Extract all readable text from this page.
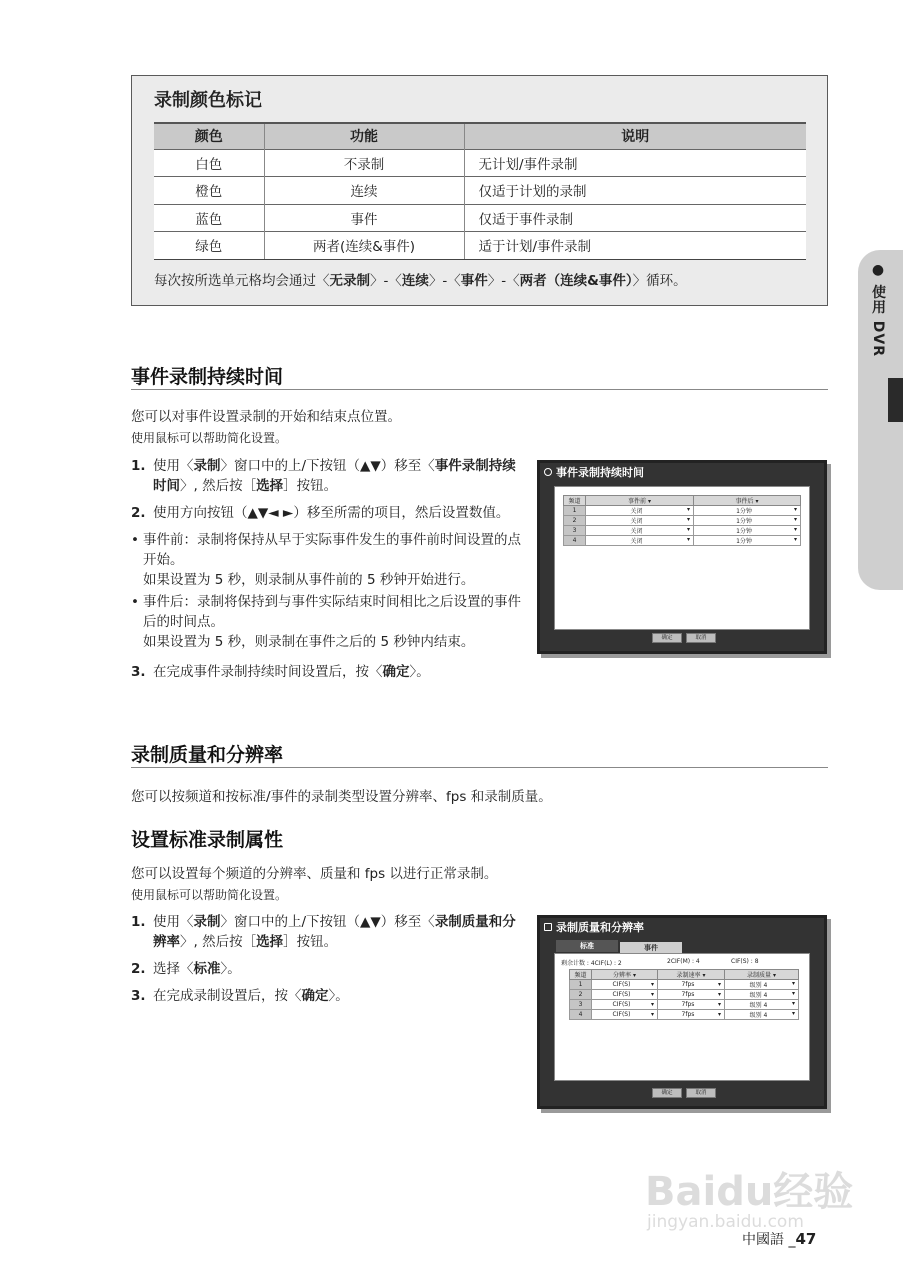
录制颜色标记
颜色	功能	说明
白色	不录制	无计划/事件录制
橙色	连续	仅适于计划的录制
蓝色	事件	仅适于事件录制
绿色	两者(连续&事件)	适于计划/事件录制
每次按所选单元格均会通过〈无录制〉-〈连续〉-〈事件〉-〈两者（连续&事件）〉循环。	● 使用 DVR
事件录制持续时间
您可以对事件设置录制的开始和结束点位置。
使用鼠标可以帮助简化设置。
1. 使用〈录制〉窗口中的上/下按钮（▲▼）移至〈事件录制持续时间〉, 然后按［选择］按钮。
2. 使用方向按钮（▲▼◄ ►）移至所需的项目，然后设置数值。
• 事件前：录制将保持从早于实际事件发生的事件前时间设置的点开始。
如果设置为 5 秒，则录制从事件前的 5 秒钟开始进行。
• 事件后：录制将保持到与事件实际结束时间相比之后设置的事件后的时间点。
如果设置为 5 秒，则录制在事件之后的 5 秒钟内结束。
3. 在完成事件录制持续时间设置后，按〈确定〉。
事件录制持续时间
频道	事件前 ▾	事件后 ▾
1	关闭 ▾	1分钟 ▾

2	关闭 ▾	1分钟 ▾

3	关闭 ▾	1分钟 ▾

4	关闭 ▾	1分钟 ▾
确定	取消
录制质量和分辨率
您可以按频道和按标准/事件的录制类型设置分辨率、fps 和录制质量。
设置标准录制属性
您可以设置每个频道的分辨率、质量和 fps 以进行正常录制。
使用鼠标可以帮助简化设置。
1. 使用〈录制〉窗口中的上/下按钮（▲▼）移至〈录制质量和分辨率〉, 然后按［选择］按钮。
2. 选择〈标准〉。
3. 在完成录制设置后，按〈确定〉。
录制质量和分辨率
标准	事件
剩余计数 : 4CIF(L) : 2	2CIF(M) : 4	CIF(S) : 8
频道	分辨率 ▾	录制速率 ▾	录制质量 ▾
1	CIF(S) ▾	7fps ▾	级别 4 ▾

2	CIF(S) ▾	7fps ▾	级别 4 ▾

3	CIF(S) ▾	7fps ▾	级别 4 ▾

4	CIF(S) ▾	7fps ▾	级别 4 ▾
确定	取消
Baidu经验
jingyan.baidu.com
中國語 _47
